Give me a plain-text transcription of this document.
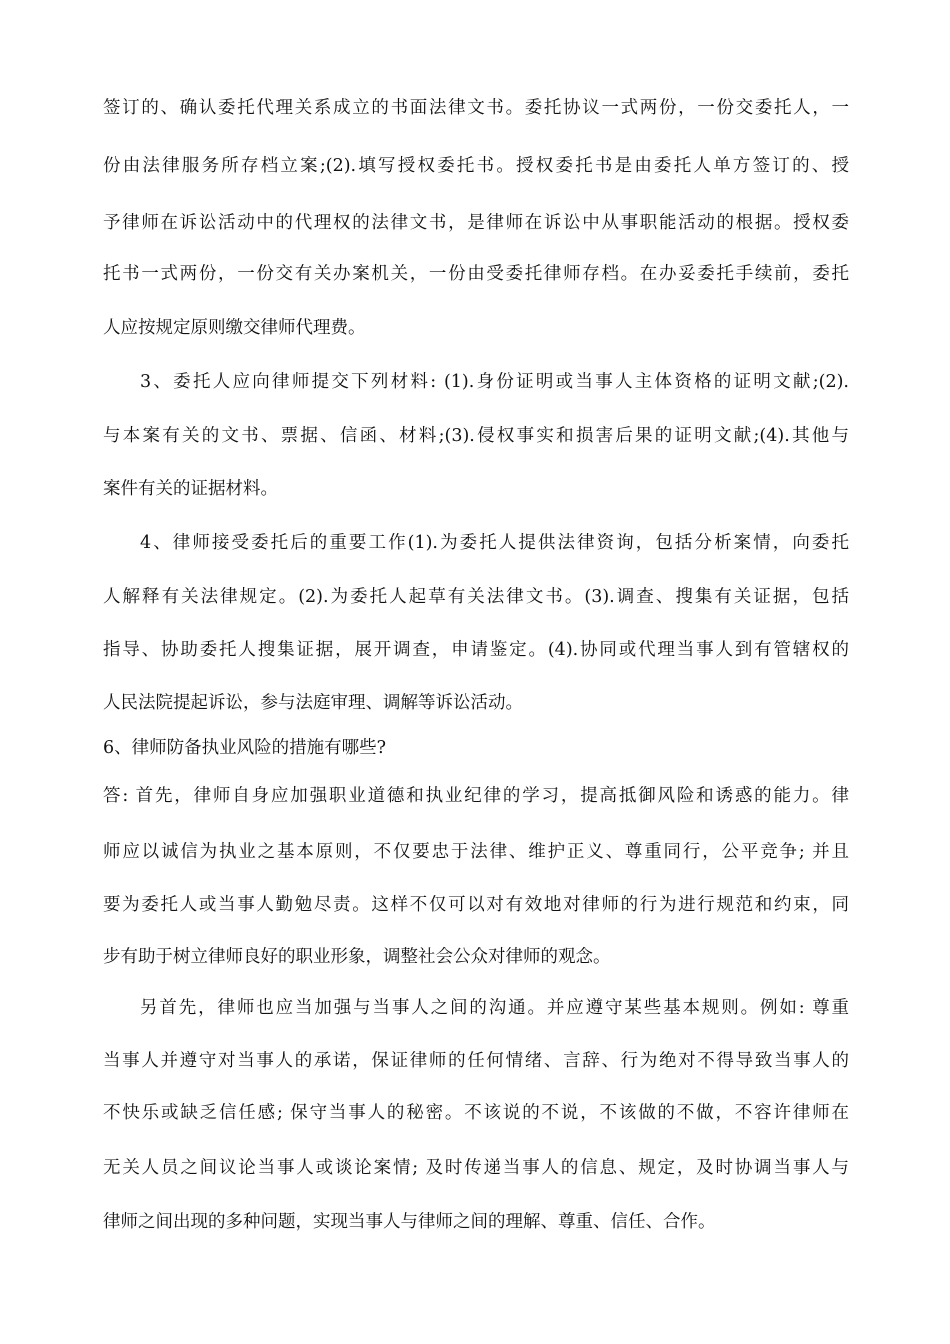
签订的、确认委托代理关系成立的书面法律文书。委托协议一式两份，一份交委托人，一
份由法律服务所存档立案;(2).填写授权委托书。授权委托书是由委托人单方签订的、授
予律师在诉讼活动中的代理权的法律文书，是律师在诉讼中从事职能活动的根据。授权委
托书一式两份，一份交有关办案机关，一份由受委托律师存档。在办妥委托手续前，委托
人应按规定原则缴交律师代理费。
3、委托人应向律师提交下列材料: (1).身份证明或当事人主体资格的证明文献;(2).
与本案有关的文书、票据、信函、材料;(3).侵权事实和损害后果的证明文献;(4).其他与
案件有关的证据材料。
4、律师接受委托后的重要工作(1).为委托人提供法律资询，包括分析案情，向委托
人解释有关法律规定。(2).为委托人起草有关法律文书。(3).调查、搜集有关证据，包括
指导、协助委托人搜集证据，展开调查，申请鉴定。(4).协同或代理当事人到有管辖权的
人民法院提起诉讼，参与法庭审理、调解等诉讼活动。
6、律师防备执业风险的措施有哪些?
答: 首先，律师自身应加强职业道德和执业纪律的学习，提高抵御风险和诱惑的能力。律
师应以诚信为执业之基本原则，不仅要忠于法律、维护正义、尊重同行，公平竞争; 并且
要为委托人或当事人勤勉尽责。这样不仅可以对有效地对律师的行为进行规范和约束，同
步有助于树立律师良好的职业形象，调整社会公众对律师的观念。
另首先，律师也应当加强与当事人之间的沟通。并应遵守某些基本规则。例如: 尊重
当事人并遵守对当事人的承诺，保证律师的任何情绪、言辞、行为绝对不得导致当事人的
不快乐或缺乏信任感; 保守当事人的秘密。不该说的不说，不该做的不做，不容许律师在
无关人员之间议论当事人或谈论案情; 及时传递当事人的信息、规定，及时协调当事人与
律师之间出现的多种问题，实现当事人与律师之间的理解、尊重、信任、合作。
